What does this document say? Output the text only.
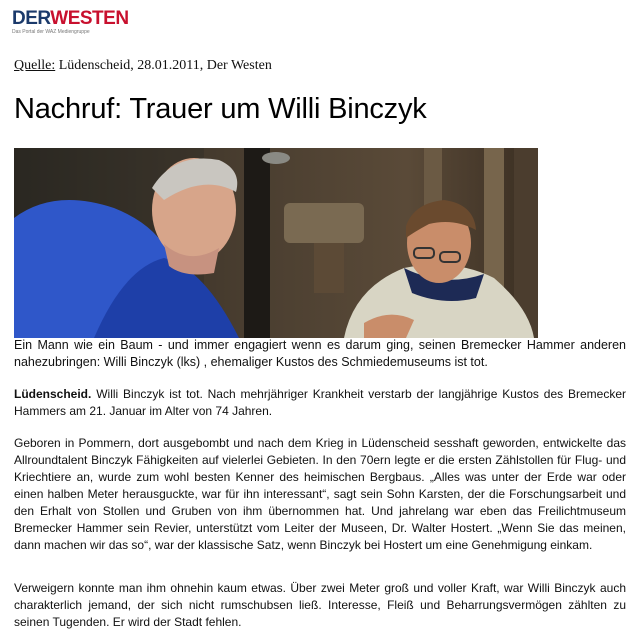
DERWESTEN
Das Portal der WAZ Mediengruppe
Quelle: Lüdenscheid, 28.01.2011, Der Westen
Nachruf: Trauer um Willi Binczyk
Ein Mann wie ein Baum - und immer engagiert wenn es darum ging, seinen Bremecker Hammer anderen nahezubringen: Willi Binczyk (lks) , ehemaliger Kustos des Schmiedemuseums ist tot.

Lüdenscheid. Willi Binczyk ist tot. Nach mehrjähriger Krankheit verstarb der langjährige Kustos des Bremecker Hammers am 21. Januar im Alter von 74 Jahren.

Geboren in Pommern, dort ausgebombt und nach dem Krieg in Lüdenscheid sesshaft geworden, entwickelte das Allroundtalent Binczyk Fähigkeiten auf vielerlei Gebieten. In den 70ern legte er die ersten Zählstollen für Flug- und Kriechtiere an, wurde zum wohl besten Kenner des heimischen Bergbaus. „Alles was unter der Erde war oder einen halben Meter herausguckte, war für ihn interessant“, sagt sein Sohn Karsten, der die Forschungsarbeit und den Erhalt von Stollen und Gruben von ihm übernommen hat. Und jahrelang war eben das Freilichtmuseum Bremecker Hammer sein Revier, unterstützt vom Leiter der Museen, Dr. Walter Hostert. „Wenn Sie das meinen, dann machen wir das so“, war der klassische Satz, wenn Binczyk bei Hostert um eine Genehmigung einkam.

Verweigern konnte man ihm ohnehin kaum etwas. Über zwei Meter groß und voller Kraft, war Willi Binczyk auch charakterlich jemand, der sich nicht rumschubsen ließ. Interesse, Fleiß und Beharrungsvermögen zählten zu seinen Tugenden. Er wird der Stadt fehlen.
